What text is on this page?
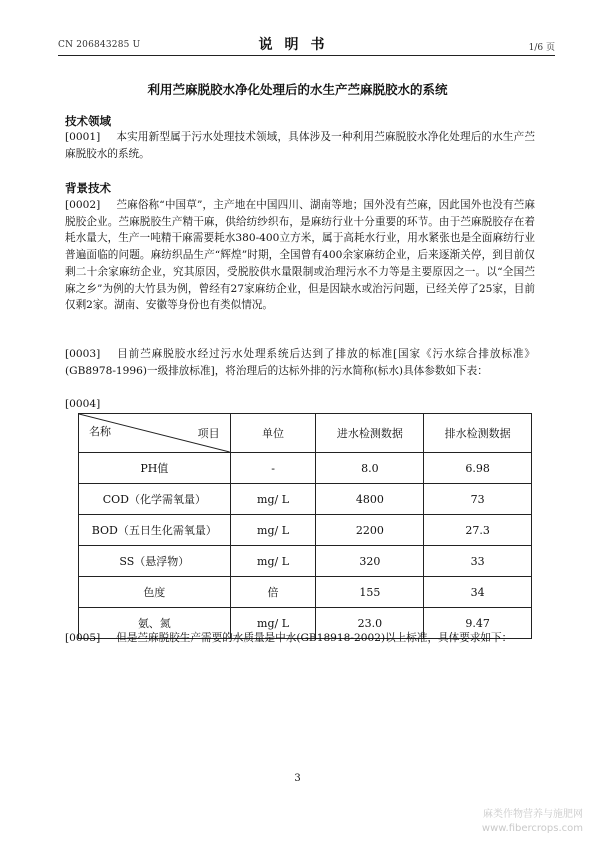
CN 206843285 U	说明书	1/6 页
利用苎麻脱胶水净化处理后的水生产苎麻脱胶水的系统
技术领域
[0001] 本实用新型属于污水处理技术领域，具体涉及一种利用苎麻脱胶水净化处理后的水生产苎麻脱胶水的系统。
背景技术
[0002] 苎麻俗称“中国草”，主产地在中国四川、湖南等地；国外没有苎麻，因此国外也没有苎麻脱胶企业。苎麻脱胶生产精干麻，供给纺纱织布，是麻纺行业十分重要的环节。由于苎麻脱胶存在着耗水量大，生产一吨精干麻需要耗水380-400立方米，属于高耗水行业，用水紧张也是全面麻纺行业普遍面临的问题。麻纺织品生产“辉煌”时期，全国曾有400余家麻纺企业，后来逐渐关停，到目前仅剩二十余家麻纺企业，究其原因，受脱胶供水量限制或治理污水不力等是主要原因之一。以“全国苎麻之乡”为例的大竹县为例，曾经有27家麻纺企业，但是因缺水或治污问题，已经关停了25家，目前仅剩2家。湖南、安徽等身份也有类似情况。
[0003] 目前苎麻脱胶水经过污水处理系统后达到了排放的标准[国家《污水综合排放标准》(GB8978-1996)一级排放标准]，将治理后的达标外排的污水简称(标水)具体参数如下表：
[0004]
名称 项目	单位	进水检测数据	排水检测数据
PH值	-	8.0	6.98
COD（化学需氧量）	mg/ L	4800	73
BOD（五日生化需氧量）	mg/ L	2200	27.3
SS（悬浮物）	mg/ L	320	33
色度	倍	155	34
氨、氮	mg/ L	23.0	9.47
[0005] 但是苎麻脱胶生产需要的水质量是中水(GB18918-2002)以上标准，具体要求如下：
3
麻类作物营养与施肥网
www.fibercrops.com
